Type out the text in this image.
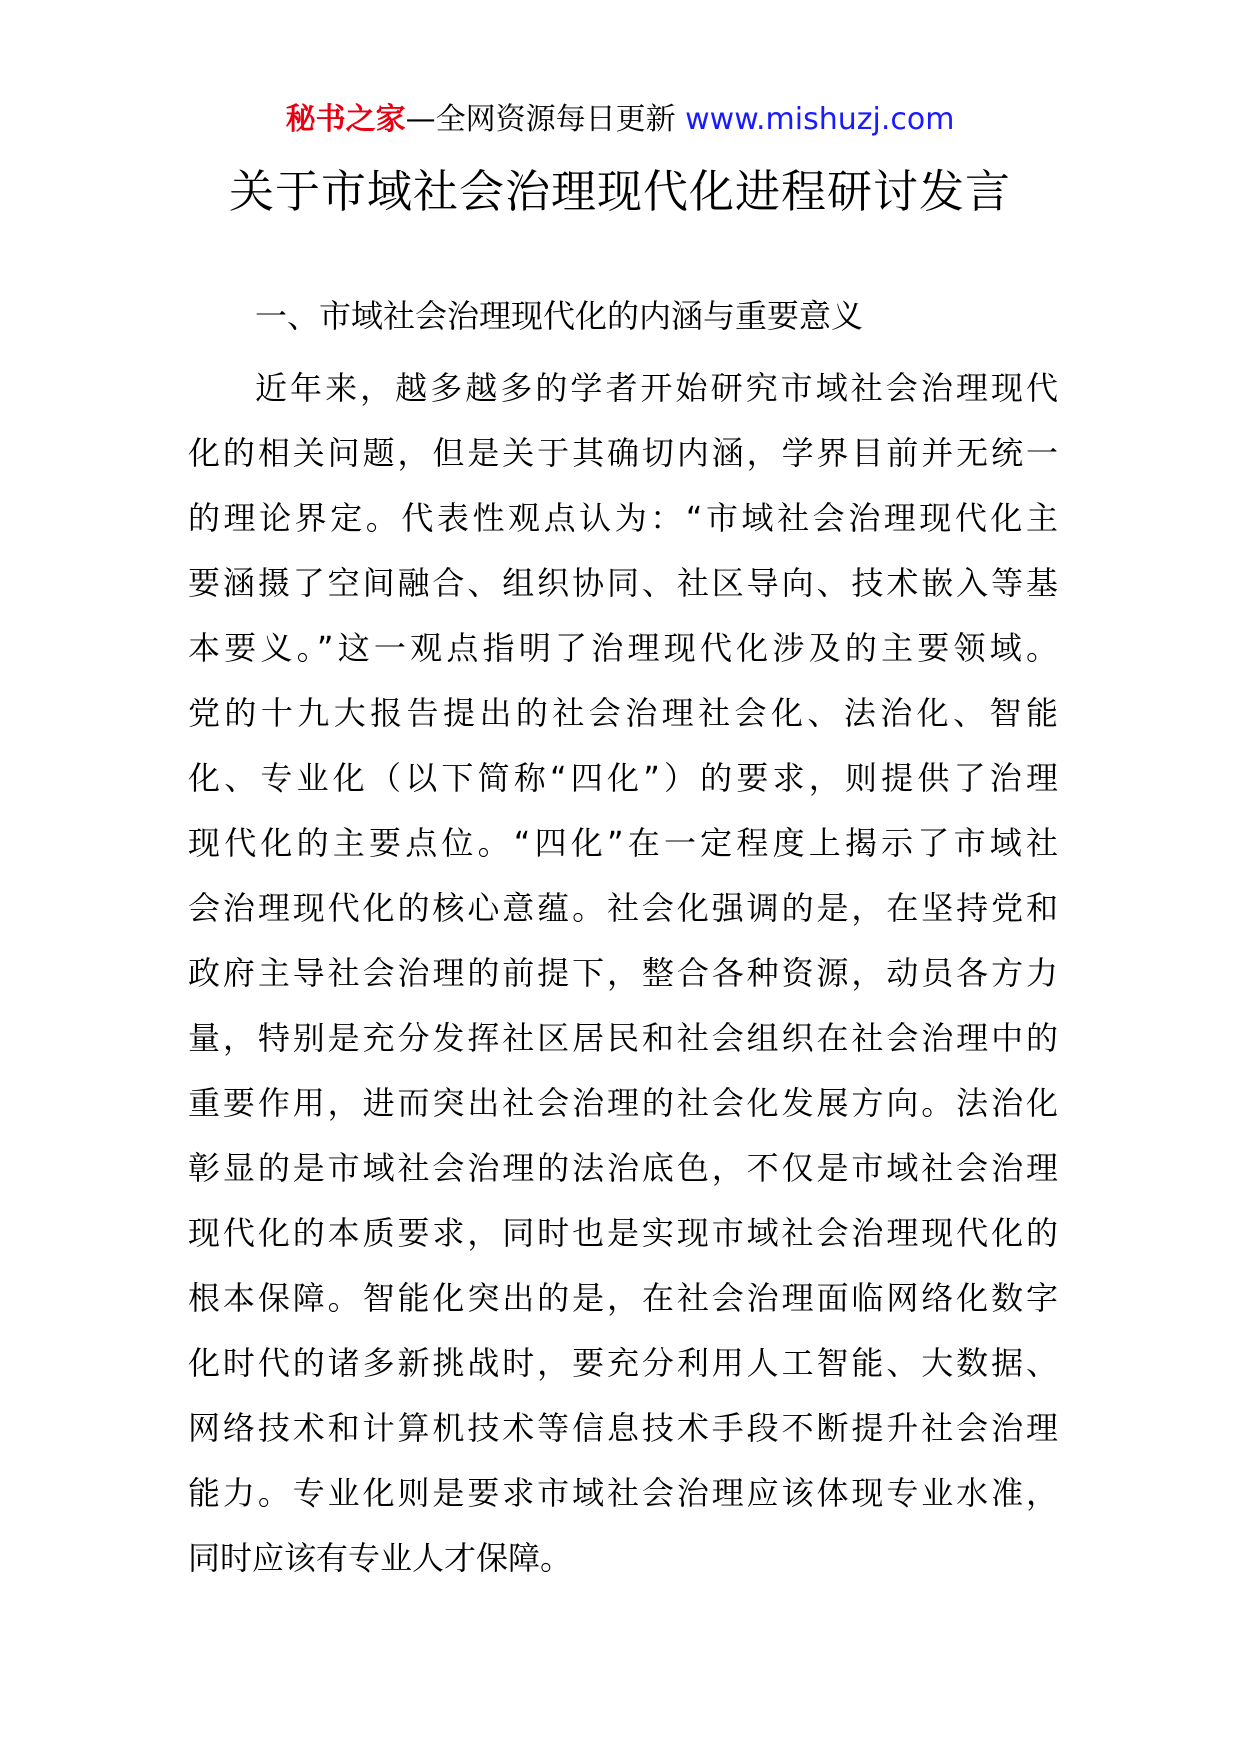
秘书之家—全网资源每日更新 www.mishuzj.com
关于市域社会治理现代化进程研讨发言
一、市域社会治理现代化的内涵与重要意义
近年来，越多越多的学者开始研究市域社会治理现代
化的相关问题，但是关于其确切内涵，学界目前并无统一
的理论界定。代表性观点认为：“市域社会治理现代化主
要涵摄了空间融合、组织协同、社区导向、技术嵌入等基
本要义。”这一观点指明了治理现代化涉及的主要领域。
党的十九大报告提出的社会治理社会化、法治化、智能
化、专业化（以下简称“四化”）的要求，则提供了治理
现代化的主要点位。“四化”在一定程度上揭示了市域社
会治理现代化的核心意蕴。社会化强调的是，在坚持党和
政府主导社会治理的前提下，整合各种资源，动员各方力
量，特别是充分发挥社区居民和社会组织在社会治理中的
重要作用，进而突出社会治理的社会化发展方向。法治化
彰显的是市域社会治理的法治底色，不仅是市域社会治理
现代化的本质要求，同时也是实现市域社会治理现代化的
根本保障。智能化突出的是，在社会治理面临网络化数字
化时代的诸多新挑战时，要充分利用人工智能、大数据、
网络技术和计算机技术等信息技术手段不断提升社会治理
能力。专业化则是要求市域社会治理应该体现专业水准，
同时应该有专业人才保障。
